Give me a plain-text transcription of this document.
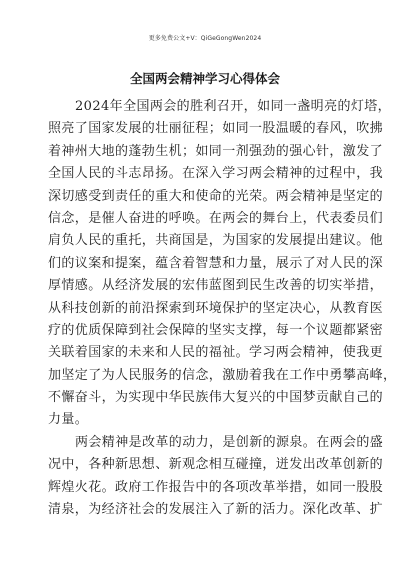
更多免费公文+V：QiGeGongWen2024
全国两会精神学习心得体会
2024年全国两会的胜利召开，如同一盏明亮的灯塔，
照亮了国家发展的壮丽征程；如同一股温暖的春风，吹拂
着神州大地的蓬勃生机；如同一剂强劲的强心针，激发了
全国人民的斗志昂扬。在深入学习两会精神的过程中，我
深切感受到责任的重大和使命的光荣。两会精神是坚定的
信念，是催人奋进的呼唤。在两会的舞台上，代表委员们
肩负人民的重托，共商国是，为国家的发展提出建议。他
们的议案和提案，蕴含着智慧和力量，展示了对人民的深
厚情感。从经济发展的宏伟蓝图到民生改善的切实举措，
从科技创新的前沿探索到环境保护的坚定决心，从教育医
疗的优质保障到社会保障的坚实支撑，每一个议题都紧密
关联着国家的未来和人民的福祉。学习两会精神，使我更
加坚定了为人民服务的信念，激励着我在工作中勇攀高峰，
不懈奋斗，为实现中华民族伟大复兴的中国梦贡献自己的
力量。
两会精神是改革的动力，是创新的源泉。在两会的盛
况中，各种新思想、新观念相互碰撞，迸发出改革创新的
辉煌火花。政府工作报告中的各项改革举措，如同一股股
清泉，为经济社会的发展注入了新的活力。深化改革、扩
